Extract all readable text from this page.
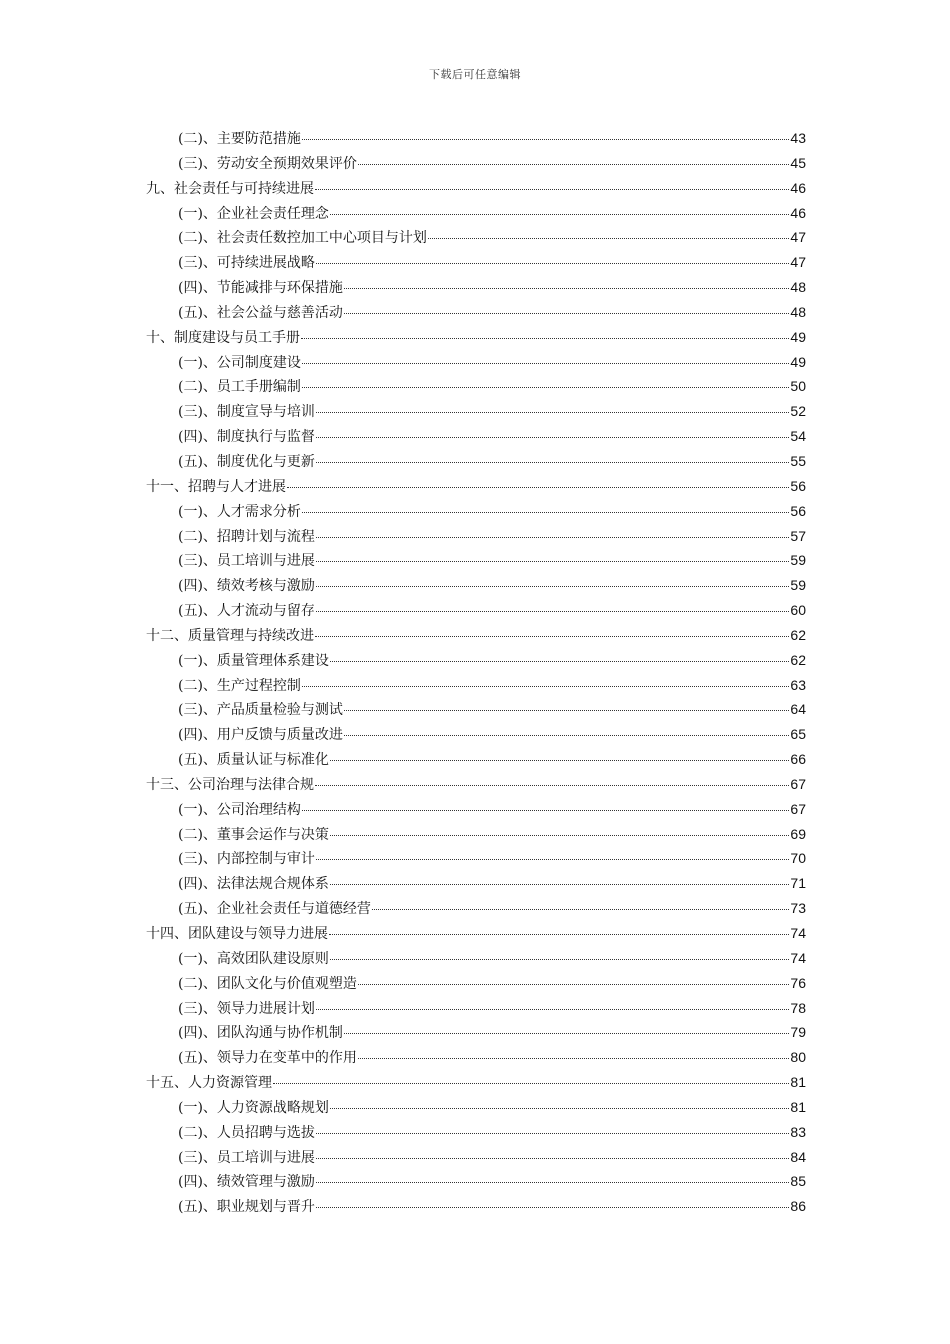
下载后可任意编辑
(二)、主要防范措施	43
(三)、劳动安全预期效果评价	45
九、社会责任与可持续进展	46
(一)、企业社会责任理念	46
(二)、社会责任数控加工中心项目与计划	47
(三)、可持续进展战略	47
(四)、节能减排与环保措施	48
(五)、社会公益与慈善活动	48
十、制度建设与员工手册	49
(一)、公司制度建设	49
(二)、员工手册编制	50
(三)、制度宣导与培训	52
(四)、制度执行与监督	54
(五)、制度优化与更新	55
十一、招聘与人才进展	56
(一)、人才需求分析	56
(二)、招聘计划与流程	57
(三)、员工培训与进展	59
(四)、绩效考核与激励	59
(五)、人才流动与留存	60
十二、质量管理与持续改进	62
(一)、质量管理体系建设	62
(二)、生产过程控制	63
(三)、产品质量检验与测试	64
(四)、用户反馈与质量改进	65
(五)、质量认证与标准化	66
十三、公司治理与法律合规	67
(一)、公司治理结构	67
(二)、董事会运作与决策	69
(三)、内部控制与审计	70
(四)、法律法规合规体系	71
(五)、企业社会责任与道德经营	73
十四、团队建设与领导力进展	74
(一)、高效团队建设原则	74
(二)、团队文化与价值观塑造	76
(三)、领导力进展计划	78
(四)、团队沟通与协作机制	79
(五)、领导力在变革中的作用	80
十五、人力资源管理	81
(一)、人力资源战略规划	81
(二)、人员招聘与选拔	83
(三)、员工培训与进展	84
(四)、绩效管理与激励	85
(五)、职业规划与晋升	86
